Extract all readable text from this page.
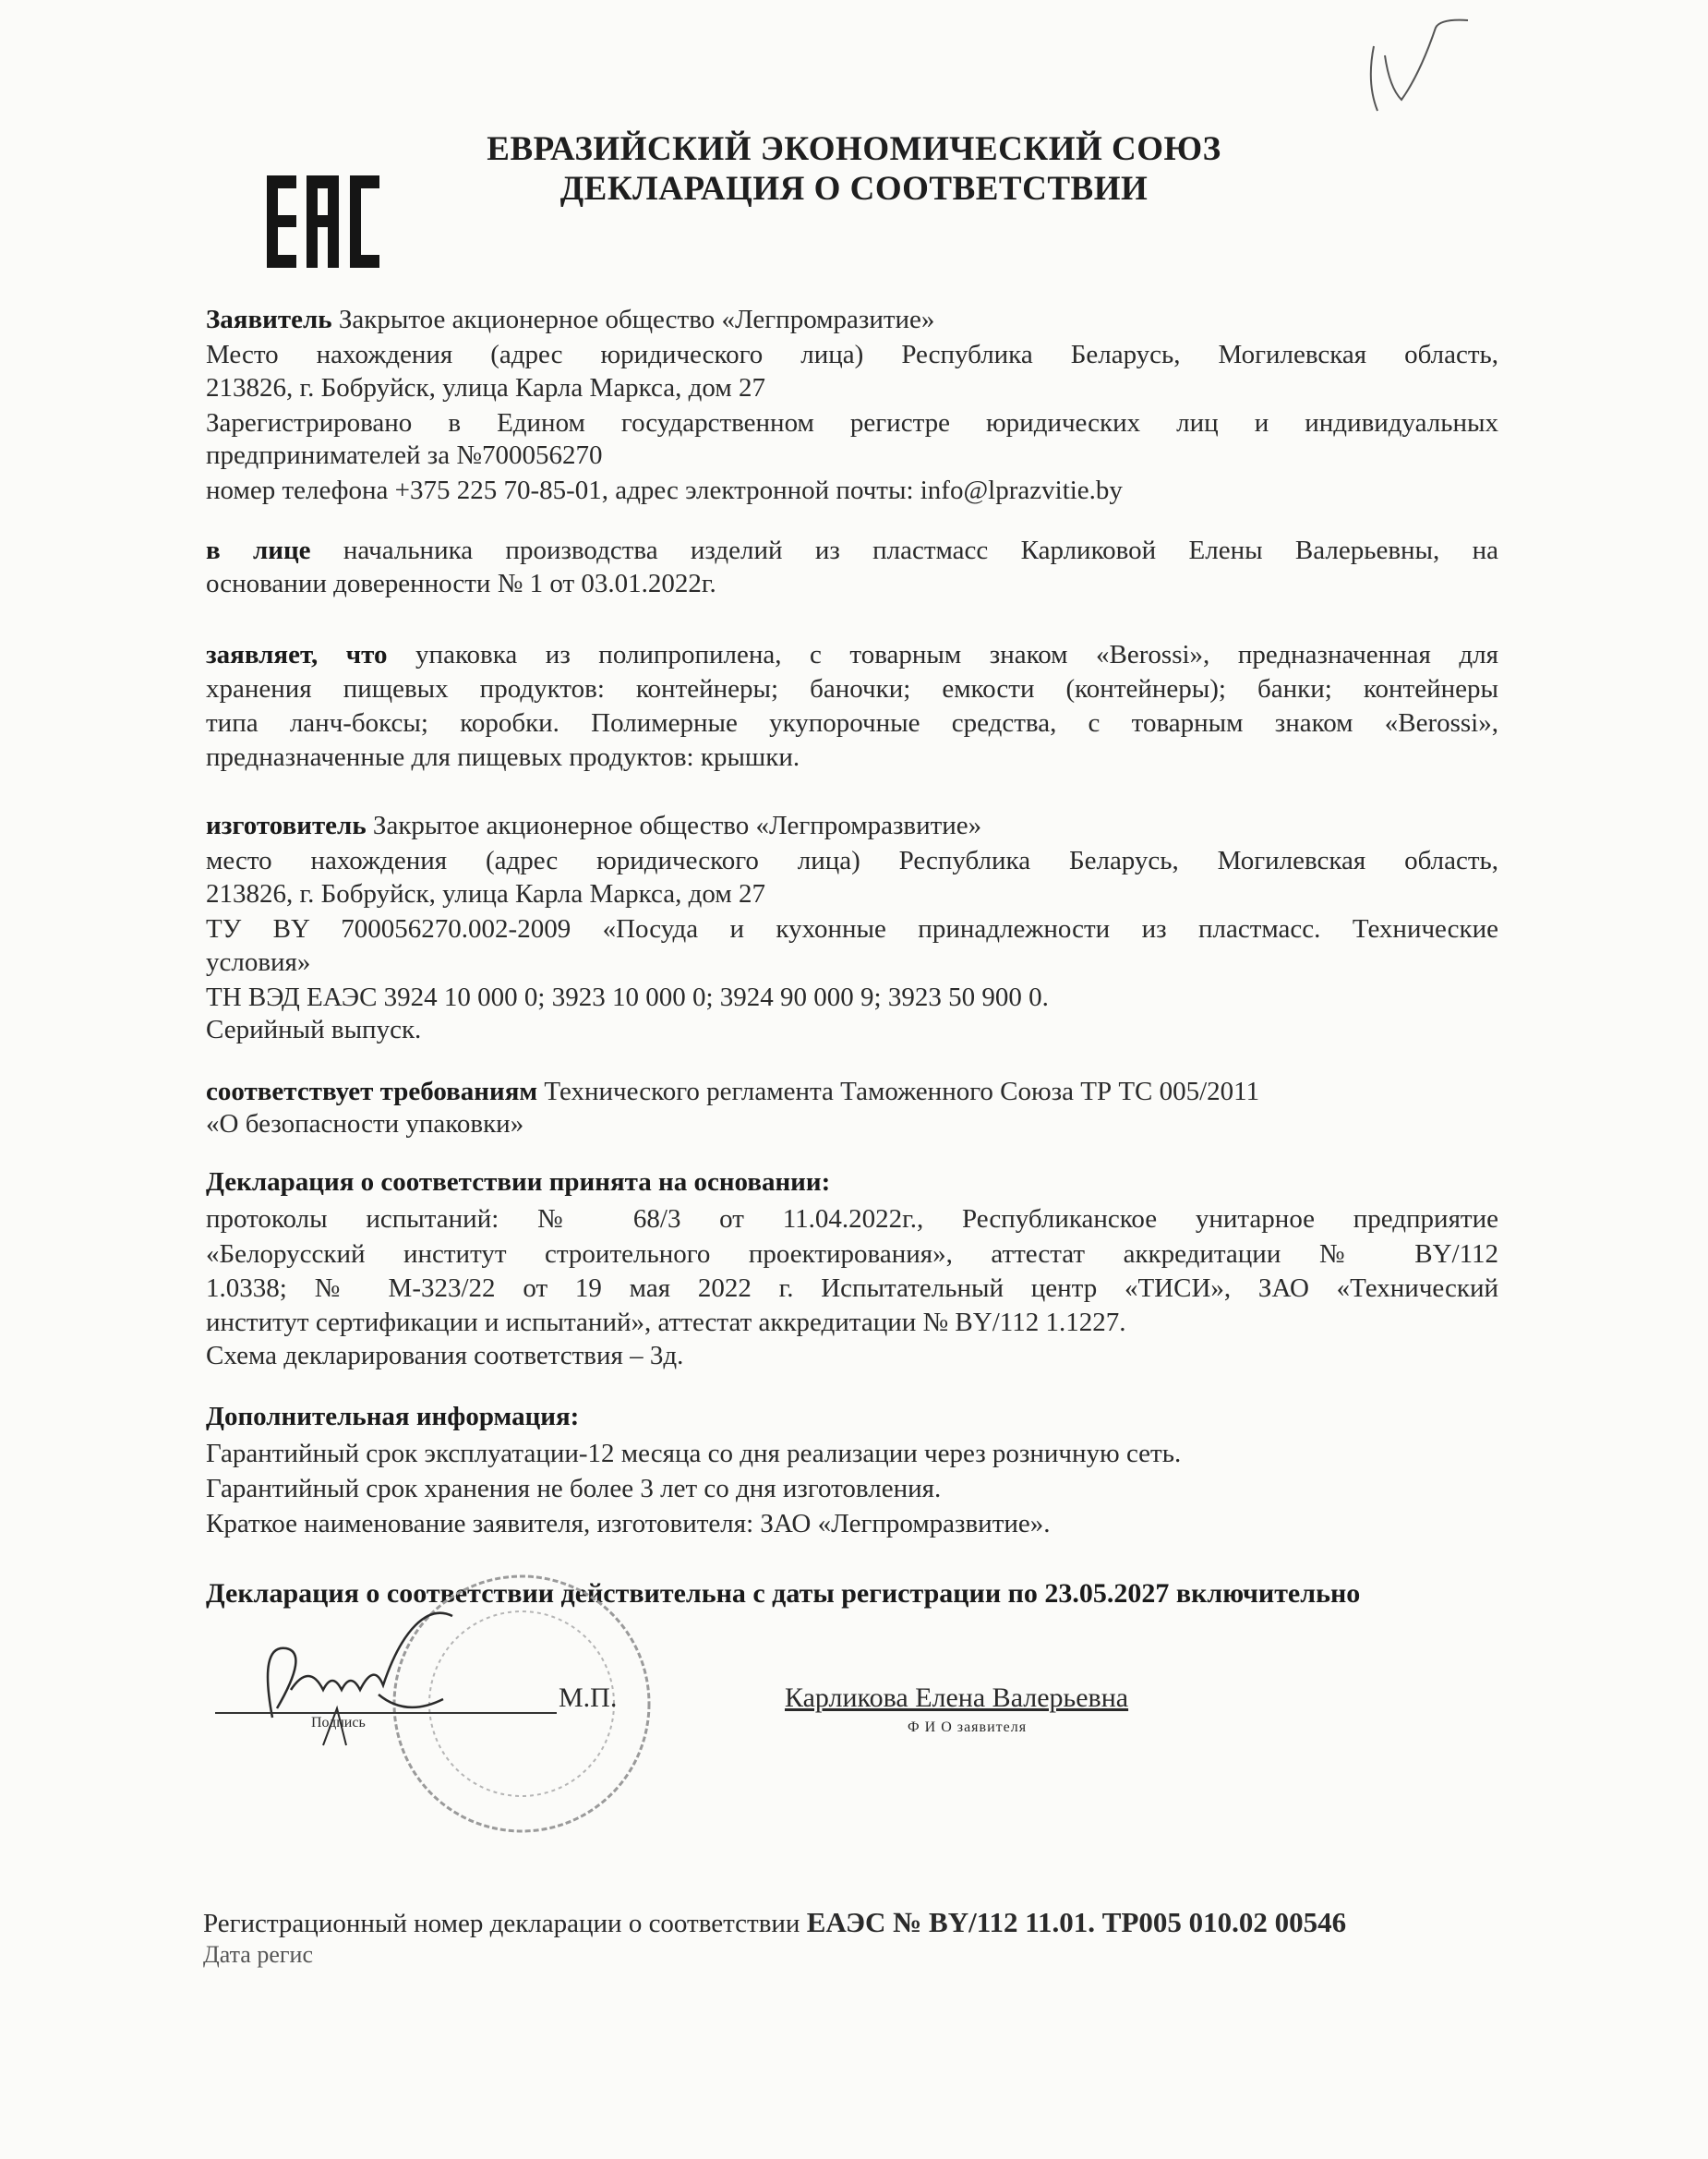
ЕВРАЗИЙСКИЙ ЭКОНОМИЧЕСКИЙ СОЮЗ
ДЕКЛАРАЦИЯ О СООТВЕТСТВИИ
Заявитель Закрытое акционерное общество «Легпромразитие»
Место нахождения (адрес юридического лица) Республика Беларусь, Могилевская область,
213826, г. Бобруйск, улица Карла Маркса, дом 27
Зарегистрировано в Едином государственном регистре юридических лиц и индивидуальных
предпринимателей за №700056270
номер телефона +375 225 70-85-01, адрес электронной почты: info@lprazvitie.by
в лице начальника производства изделий из пластмасс Карликовой Елены Валерьевны, на
основании доверенности № 1 от 03.01.2022г.
заявляет, что упаковка из полипропилена, с товарным знаком «Berossi», предназначенная для
хранения пищевых продуктов: контейнеры; баночки; емкости (контейнеры); банки; контейнеры
типа ланч-боксы; коробки. Полимерные укупорочные средства, с товарным знаком «Berossi»,
предназначенные для пищевых продуктов: крышки.
изготовитель Закрытое акционерное общество «Легпромразвитие»
место нахождения (адрес юридического лица) Республика Беларусь, Могилевская область,
213826, г. Бобруйск, улица Карла Маркса, дом 27
ТУ BY 700056270.002-2009 «Посуда и кухонные принадлежности из пластмасс. Технические
условия»
ТН ВЭД ЕАЭС 3924 10 000 0; 3923 10 000 0; 3924 90 000 9; 3923 50 900 0.
Серийный выпуск.
соответствует требованиям Технического регламента Таможенного Союза ТР ТС 005/2011
«О безопасности упаковки»
Декларация о соответствии принята на основании:
протоколы испытаний: № 68/3 от 11.04.2022г., Республиканское унитарное предприятие
«Белорусский институт строительного проектирования», аттестат аккредитации № BY/112
1.0338; № М-323/22 от 19 мая 2022 г. Испытательный центр «ТИСИ», ЗАО «Технический
институт сертификации и испытаний», аттестат аккредитации № BY/112 1.1227.
Схема декларирования соответствия – 3д.
Дополнительная информация:
Гарантийный срок эксплуатации-12 месяца со дня реализации через розничную сеть.
Гарантийный срок хранения не более 3 лет со дня изготовления.
Краткое наименование заявителя, изготовителя: ЗАО «Легпромразвитие».
Декларация о соответствии действительна с даты регистрации по 23.05.2027 включительно
Подпись
М.П.	Карликова Елена Валерьевна
Ф И О заявителя
Регистрационный номер декларации о соответствии ЕАЭС № BY/112 11.01. ТР005 010.02 00546
Дата регис
